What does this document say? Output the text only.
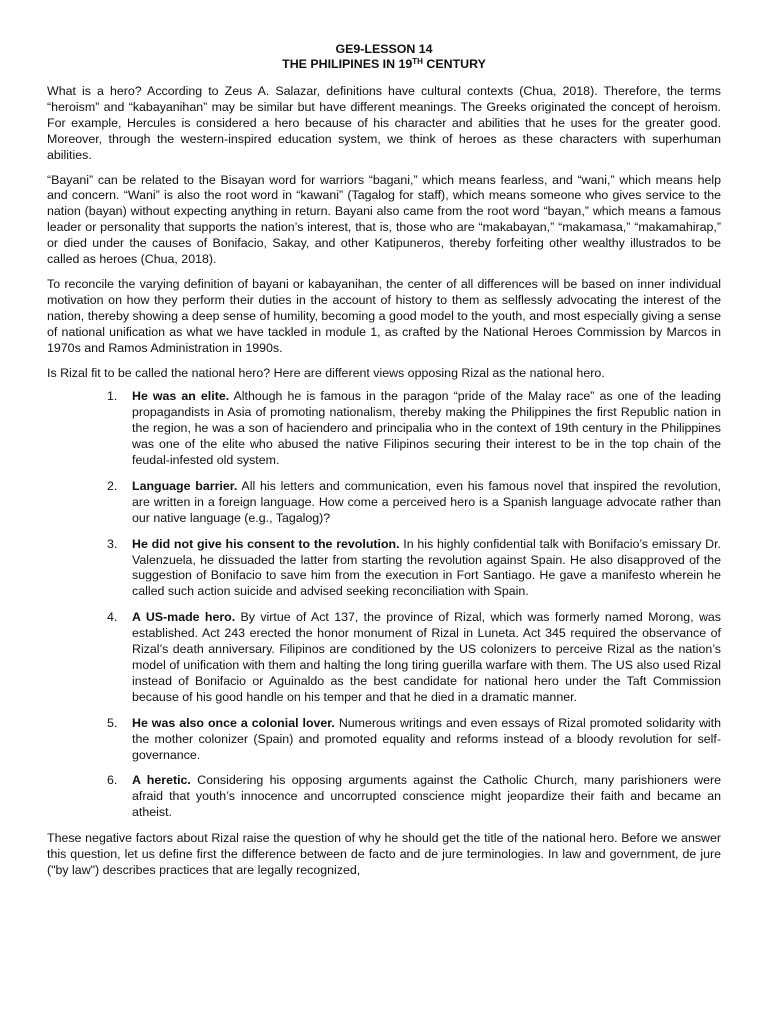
GE9-LESSON 14
THE PHILIPINES IN 19TH CENTURY

What is a hero? According to Zeus A. Salazar, definitions have cultural contexts (Chua, 2018). Therefore, the terms “heroism” and “kabayanihan” may be similar but have different meanings. The Greeks originated the concept of heroism. For example, Hercules is considered a hero because of his character and abilities that he uses for the greater good. Moreover, through the western-inspired education system, we think of heroes as these characters with superhuman abilities.

“Bayani” can be related to the Bisayan word for warriors “bagani,” which means fearless, and “wani,” which means help and concern. “Wani” is also the root word in “kawani” (Tagalog for staff), which means someone who gives service to the nation (bayan) without expecting anything in return. Bayani also came from the root word “bayan,” which means a famous leader or personality that supports the nation’s interest, that is, those who are “makabayan,” “makamasa,” “makamahirap,” or died under the causes of Bonifacio, Sakay, and other Katipuneros, thereby forfeiting other wealthy illustrados to be called as heroes (Chua, 2018).

To reconcile the varying definition of bayani or kabayanihan, the center of all differences will be based on inner individual motivation on how they perform their duties in the account of history to them as selflessly advocating the interest of the nation, thereby showing a deep sense of humility, becoming a good model to the youth, and most especially giving a sense of national unification as what we have tackled in module 1, as crafted by the National Heroes Commission by Marcos in 1970s and Ramos Administration in 1990s.

Is Rizal fit to be called the national hero? Here are different views opposing Rizal as the national hero.

1. He was an elite. Although he is famous in the paragon “pride of the Malay race” as one of the leading propagandists in Asia of promoting nationalism, thereby making the Philippines the first Republic nation in the region, he was a son of haciendero and principalia who in the context of 19th century in the Philippines was one of the elite who abused the native Filipinos securing their interest to be in the top chain of the feudal-infested old system.
2. Language barrier. All his letters and communication, even his famous novel that inspired the revolution, are written in a foreign language. How come a perceived hero is a Spanish language advocate rather than our native language (e.g., Tagalog)?
3. He did not give his consent to the revolution. In his highly confidential talk with Bonifacio’s emissary Dr. Valenzuela, he dissuaded the latter from starting the revolution against Spain. He also disapproved of the suggestion of Bonifacio to save him from the execution in Fort Santiago. He gave a manifesto wherein he called such action suicide and advised seeking reconciliation with Spain.
4. A US-made hero. By virtue of Act 137, the province of Rizal, which was formerly named Morong, was established. Act 243 erected the honor monument of Rizal in Luneta. Act 345 required the observance of Rizal’s death anniversary. Filipinos are conditioned by the US colonizers to perceive Rizal as the nation’s model of unification with them and halting the long tiring guerilla warfare with them. The US also used Rizal instead of Bonifacio or Aguinaldo as the best candidate for national hero under the Taft Commission because of his good handle on his temper and that he died in a dramatic manner.
5. He was also once a colonial lover. Numerous writings and even essays of Rizal promoted solidarity with the mother colonizer (Spain) and promoted equality and reforms instead of a bloody revolution for self-governance.
6. A heretic. Considering his opposing arguments against the Catholic Church, many parishioners were afraid that youth’s innocence and uncorrupted conscience might jeopardize their faith and became an atheist.

These negative factors about Rizal raise the question of why he should get the title of the national hero. Before we answer this question, let us define first the difference between de facto and de jure terminologies. In law and government, de jure ("by law") describes practices that are legally recognized,
